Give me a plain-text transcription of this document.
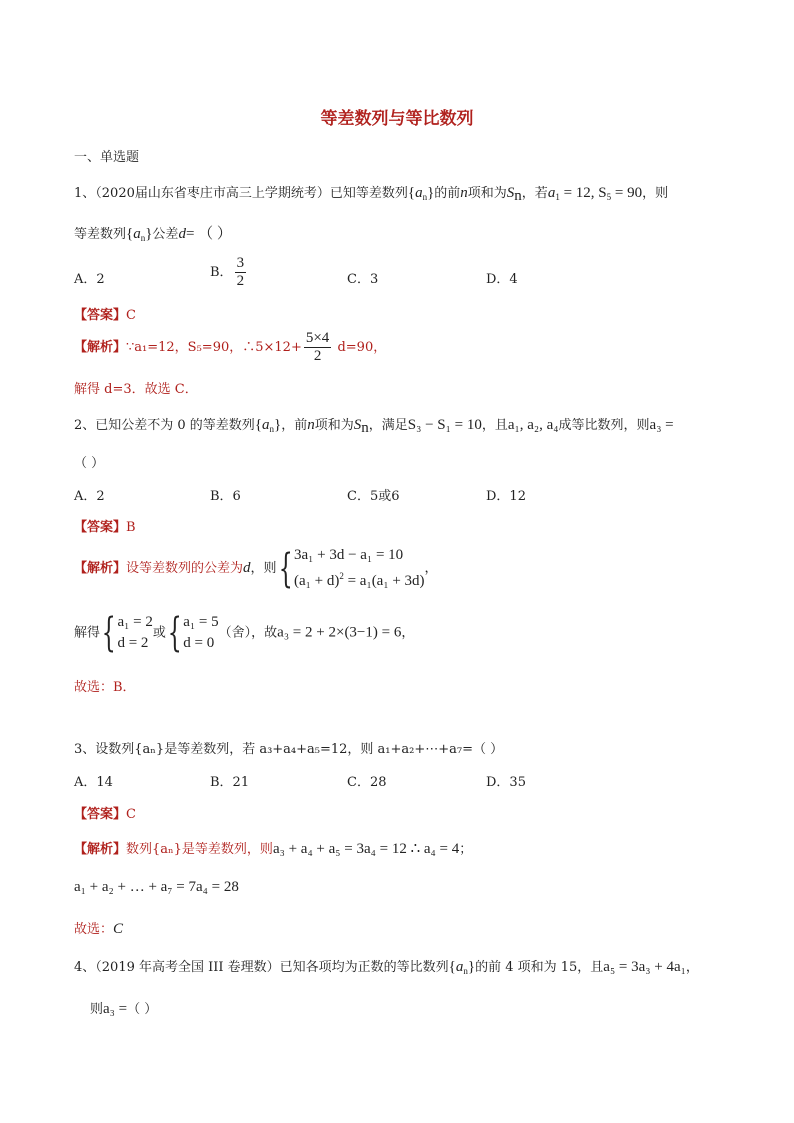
等差数列与等比数列
一、单选题
1、（2020届山东省枣庄市高三上学期统考）已知等差数列$\{a_n\}$的前n项和为$S_n$，若$a_1 = 12$, $S_5 = 90$，则
等差数列$\{a_n\}$公差d= （ ）
A．2	B． $\frac{3}{2}$	C．3	D．4
【答案】C
【解析】∵a₁=12，S₅=90，∴5×12+ $\frac{5\times 4}{2} d=90$，
解得 d=3．故选 C．
2、已知公差不为 0 的等差数列$\{a_n\}$，前n项和为$S_n$，满足S₃ − S₁ = 10，且a₁, a₂, a₄成等比数列，则a₃ =
（ ）
A．2	B．6	C．5或6	D．12
【答案】B
【解析】设等差数列的公差为d，则{ 3a₁ + 3d − a₁ = 10
$(a_1 + d)^2 = a_1(a_1 + 3d)$
，
解得{ a₁ = 2
d = 2
或{ a₁ = 5
d = 0
（舍），故a₃ = 2 + 2×(3−1) = 6，
故选：B．
3、设数列{aₙ}是等差数列，若 a₃+a₄+a₅=12，则 a₁+a₂+⋯+a₇=（ ）
A．14	B．21	C．28	D．35
【答案】C
【解析】数列{aₙ}是等差数列，则a₃ + a₄ + a₅ = 3a₄ = 12 ∴ a₄ = 4；
a₁ + a₂ + … + a₇ = 7a₄ = 28
故选：C
4、（2019 年高考全国 III 卷理数）已知各项均为正数的等比数列$\{a_n\}$的前 4 项和为 15，且a₅ = 3a₃ + 4a₁，
则a₃ =（ ）
